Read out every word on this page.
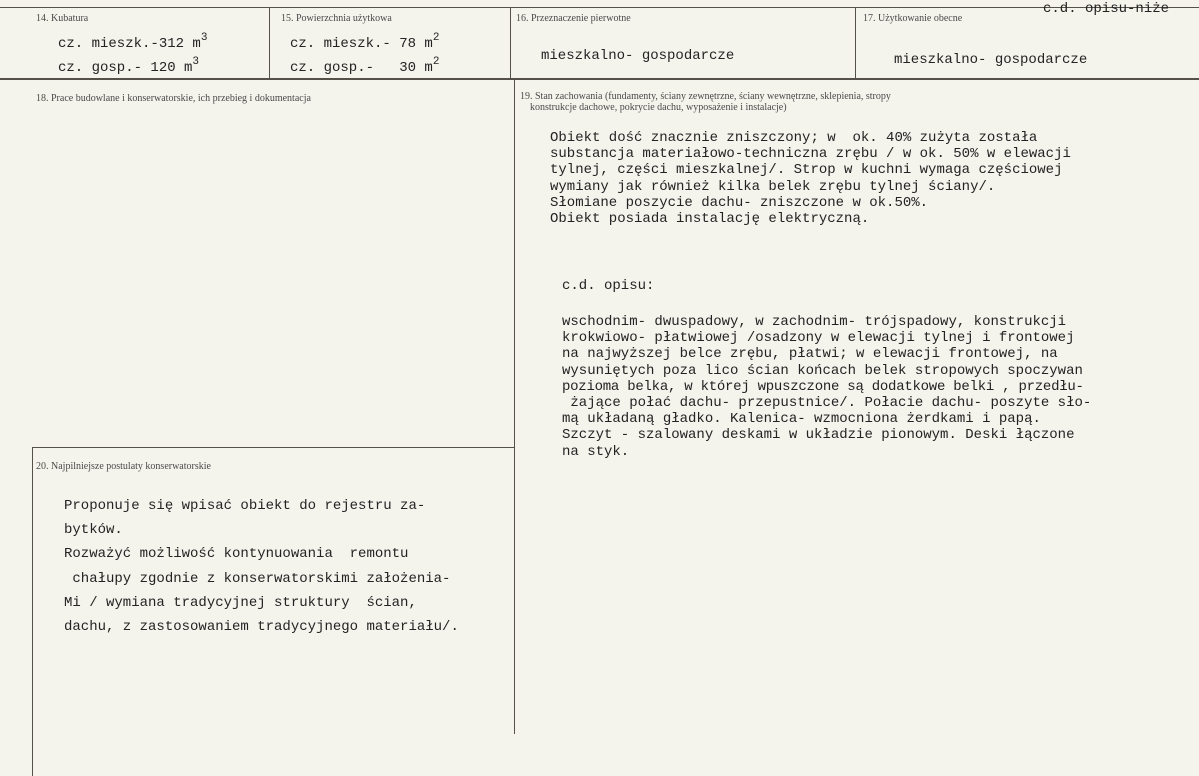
14. Kubatura
cz. mieszk.-312 $m^3$
cz. gosp.- 120 $m^3$
15. Powierzchnia użytkowa
cz. mieszk.- 78 $m^2$
cz. gosp.-   30 $m^2$
16. Przeznaczenie pierwotne
mieszkalno- gospodarcze
17. Użytkowanie obecne
c.d. opisu-niże
mieszkalno- gospodarcze
18. Prace budowlane i konserwatorskie, ich przebieg i dokumentacja	19. Stan zachowania (fundamenty, ściany zewnętrzne, ściany wewnętrzne, sklepienia, stropy
konstrukcje dachowe, pokrycie dachu, wyposażenie i instalacje)
Obiekt dość znacznie zniszczony; w  ok. 40% zużyta została
substancja materiałowo-techniczna zrębu / w ok. 50% w elewacji
tylnej, części mieszkalnej/. Strop w kuchni wymaga częściowej
wymiany jak również kilka belek zrębu tylnej ściany/.
Słomiane poszycie dachu- zniszczone w ok.50%.
Obiekt posiada instalację elektryczną.
c.d. opisu:
wschodnim- dwuspadowy, w zachodnim- trójspadowy, konstrukcji
krokwiowo- płatwiowej /osadzony w elewacji tylnej i frontowej
na najwyższej belce zrębu, płatwi; w elewacji frontowej, na
wysuniętych poza lico ścian końcach belek stropowych spoczywan
pozioma belka, w której wpuszczone są dodatkowe belki , przedłu-
żające połać dachu- przepustnice/. Połacie dachu- poszyte sło-
mą układaną gładko. Kalenica- wzmocniona żerdkami i papą.
Szczyt - szalowany deskami w układzie pionowym. Deski łączone
na styk.
20. Najpilniejsze postulaty konserwatorskie
Proponuje się wpisać obiekt do rejestru za-
bytków.
Rozważyć możliwość kontynuowania  remontu
chałupy zgodnie z konserwatorskimi założenia-
Mi / wymiana tradycyjnej struktury  ścian,
dachu, z zastosowaniem tradycyjnego materiału/.
